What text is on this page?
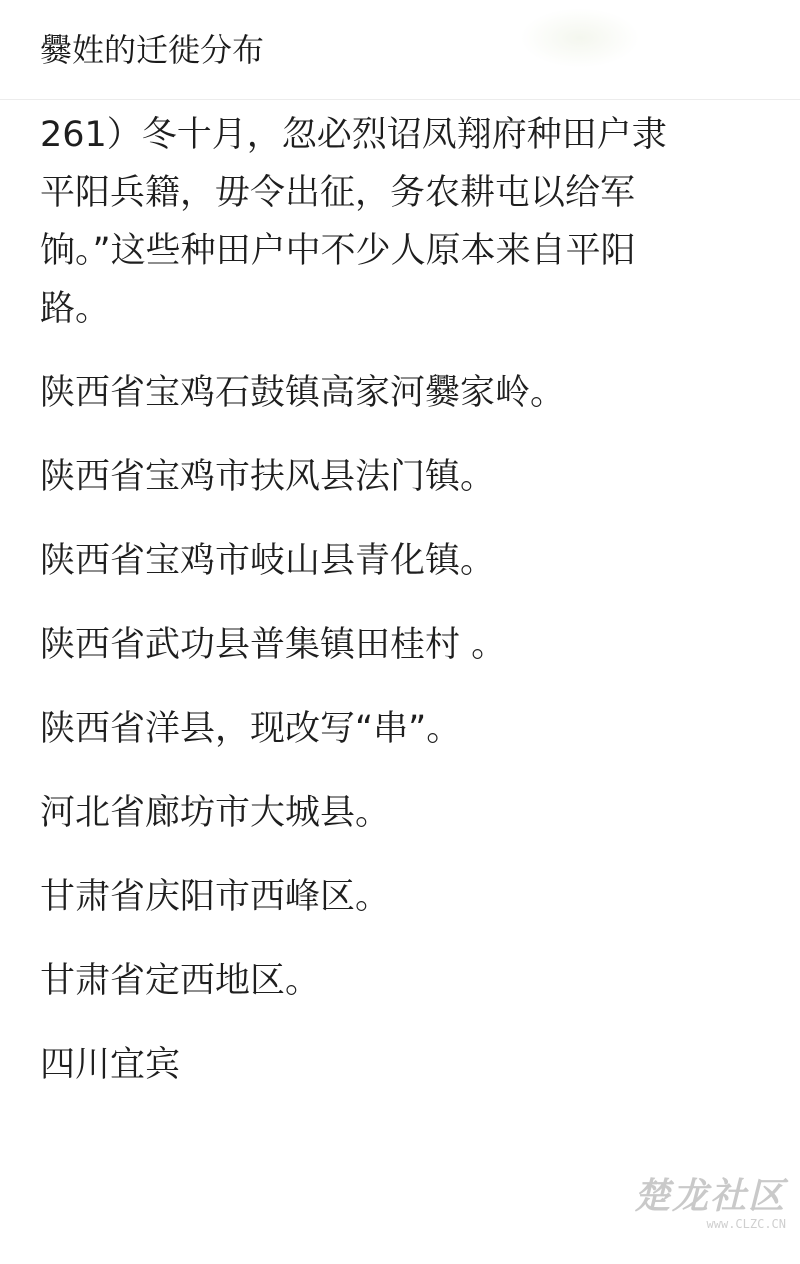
爨姓的迁徙分布

261）冬十月，忽必烈诏凤翔府种田户隶

平阳兵籍，毋令出征，务农耕屯以给军

饷。”这些种田户中不少人原本来自平阳

路。

陕西省宝鸡石鼓镇高家河爨家岭。

陕西省宝鸡市扶风县法门镇。

陕西省宝鸡市岐山县青化镇。

陕西省武功县普集镇田桂村 。

陕西省洋县，现改写“串”。

河北省廊坊市大城县。

甘肃省庆阳市西峰区。

甘肃省定西地区。

四川宜宾

楚龙社区
www.CLZC.CN
